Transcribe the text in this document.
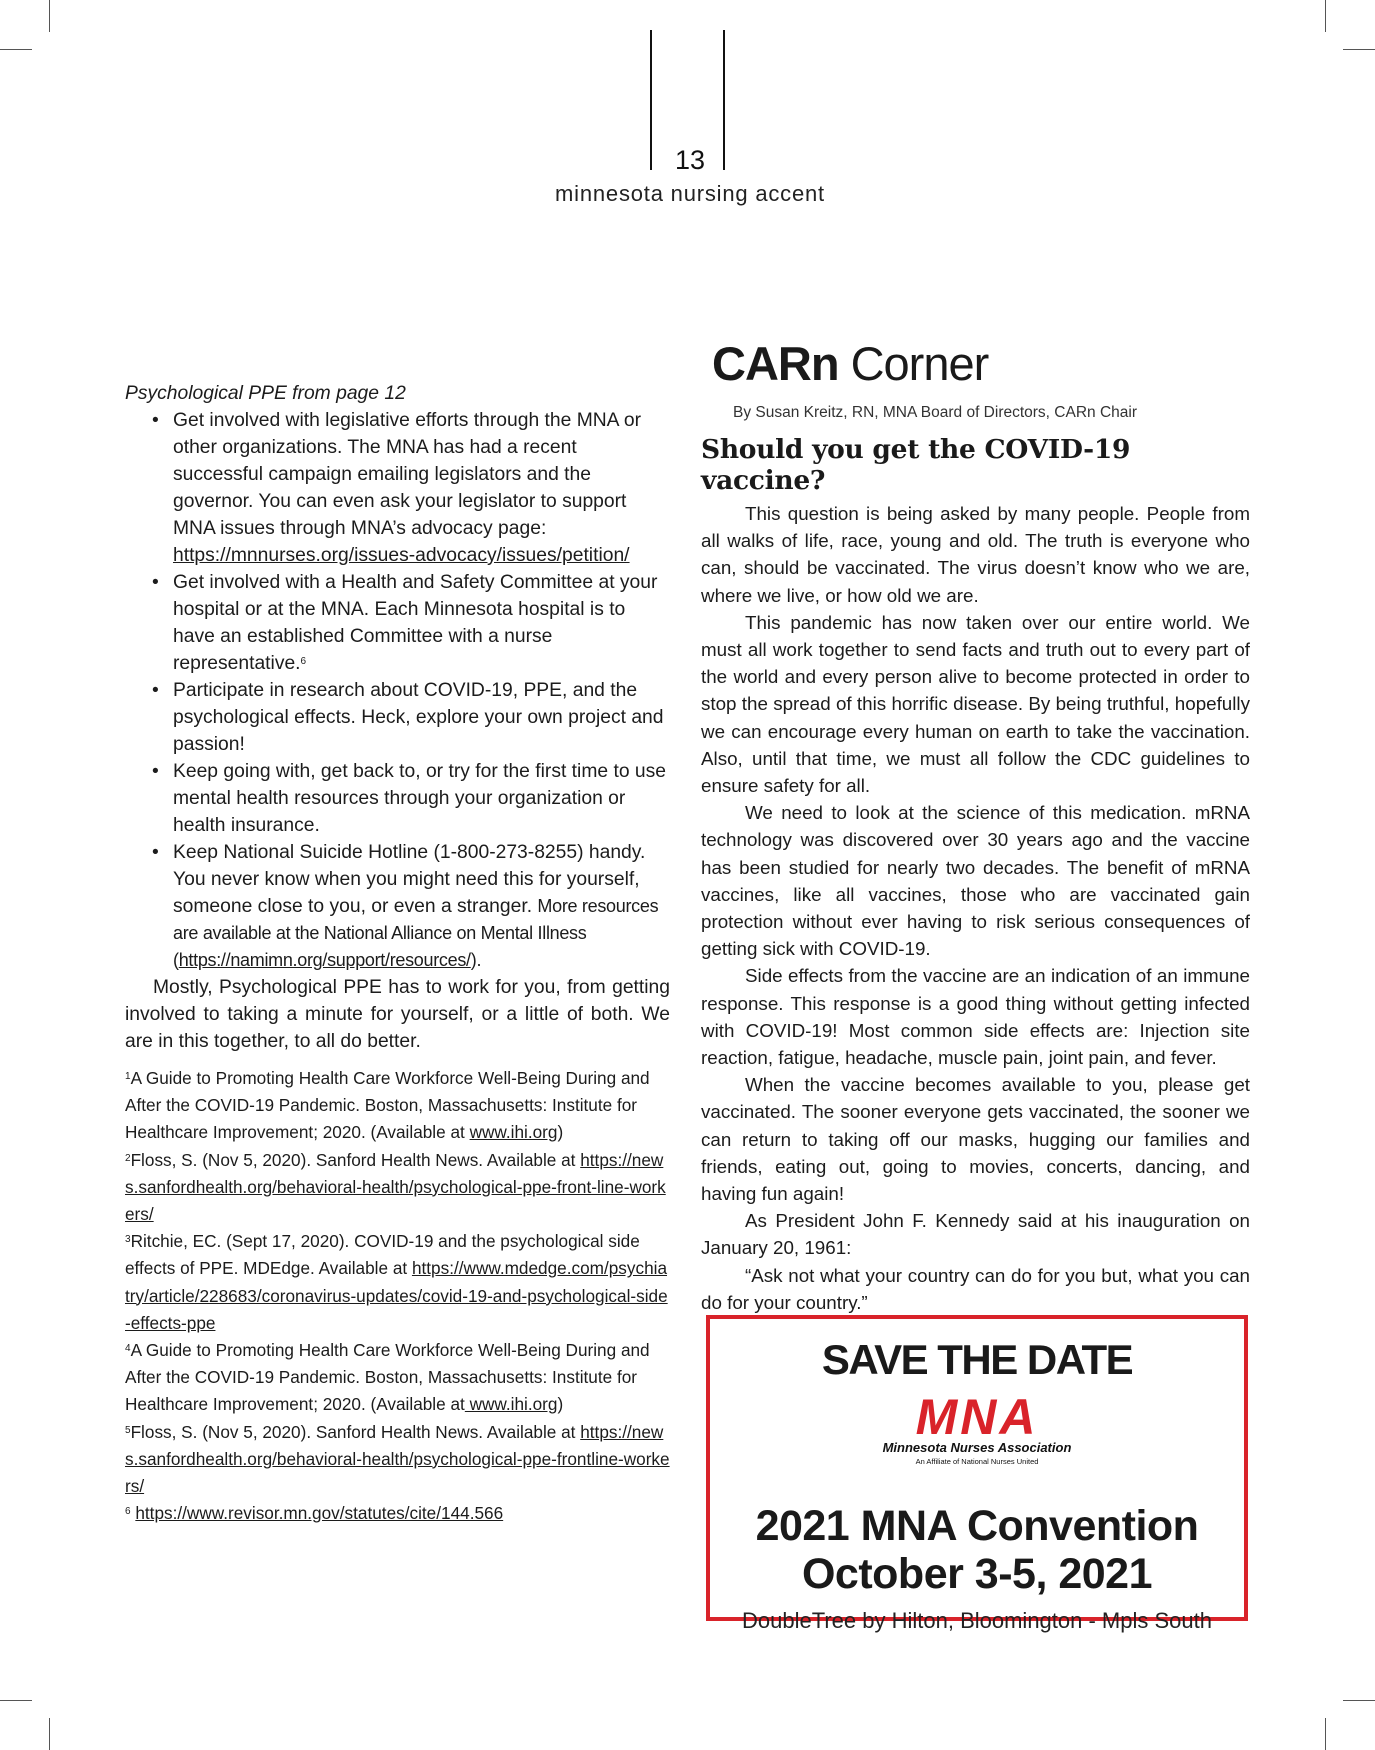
13
minnesota nursing accent

Psychological PPE from page 12

• Get involved with legislative efforts through the MNA or other organizations. The MNA has had a recent successful campaign emailing legislators and the governor. You can even ask your legislator to support MNA issues through MNA’s advocacy page: https://mnnurses.org/issues-advocacy/issues/petition/
• Get involved with a Health and Safety Committee at your hospital or at the MNA. Each Minnesota hospital is to have an established Committee with a nurse representative.$^6$
• Participate in research about COVID-19, PPE, and the psychological effects. Heck, explore your own project and passion!
• Keep going with, get back to, or try for the first time to use mental health resources through your organization or health insurance.
• Keep National Suicide Hotline (1-800-273-8255) handy. You never know when you might need this for yourself, someone close to you, or even a stranger. More resources are available at the National Alliance on Mental Illness (https://namimn.org/support/resources/).

Mostly, Psychological PPE has to work for you, from getting involved to taking a minute for yourself, or a little of both. We are in this together, to all do better.

$^1$A Guide to Promoting Health Care Workforce Well-Being During and After the COVID-19 Pandemic. Boston, Massachusetts: Institute for Healthcare Improvement; 2020. (Available at www.ihi.org)

$^2$Floss, S. (Nov 5, 2020). Sanford Health News. Available at https://news.sanfordhealth.org/behavioral-health/psychological-ppe-front-line-workers/

$^3$Ritchie, EC. (Sept 17, 2020). COVID-19 and the psychological side effects of PPE. MDEdge. Available at https://www.mdedge.com/psychiatry/article/228683/coronavirus-updates/covid-19-and-psychological-side-effects-ppe

$^4$A Guide to Promoting Health Care Workforce Well-Being During and After the COVID-19 Pandemic. Boston, Massachusetts: Institute for Healthcare Improvement; 2020. (Available at www.ihi.org)

$^5$Floss, S. (Nov 5, 2020). Sanford Health News. Available at https://news.sanfordhealth.org/behavioral-health/psychological-ppe-frontline-workers/

$^6$ https://www.revisor.mn.gov/statutes/cite/144.566

CARn Corner
By Susan Kreitz, RN, MNA Board of Directors, CARn Chair
Should you get the COVID-19 vaccine?

This question is being asked by many people. People from all walks of life, race, young and old. The truth is everyone who can, should be vaccinated. The virus doesn’t know who we are, where we live, or how old we are.

This pandemic has now taken over our entire world. We must all work together to send facts and truth out to every part of the world and every person alive to become protected in order to stop the spread of this horrific disease. By being truthful, hopefully we can encourage every human on earth to take the vaccination. Also, until that time, we must all follow the CDC guidelines to ensure safety for all.

We need to look at the science of this medication. mRNA technology was discovered over 30 years ago and the vaccine has been studied for nearly two decades. The benefit of mRNA vaccines, like all vaccines, those who are vaccinated gain protection without ever having to risk serious consequences of getting sick with COVID-19.

Side effects from the vaccine are an indication of an immune response. This response is a good thing without getting infected with COVID-19! Most common side effects are: Injection site reaction, fatigue, headache, muscle pain, joint pain, and fever.

When the vaccine becomes available to you, please get vaccinated. The sooner everyone gets vaccinated, the sooner we can return to taking off our masks, hugging our families and friends, eating out, going to movies, concerts, dancing, and having fun again!

As President John F. Kennedy said at his inauguration on January 20, 1961:

“Ask not what your country can do for you but, what you can do for your country.”

SAVE THE DATE
MNA
Minnesota Nurses Association
An Affiliate of National Nurses United
2021 MNA Convention
October 3-5, 2021
DoubleTree by Hilton, Bloomington - Mpls South
